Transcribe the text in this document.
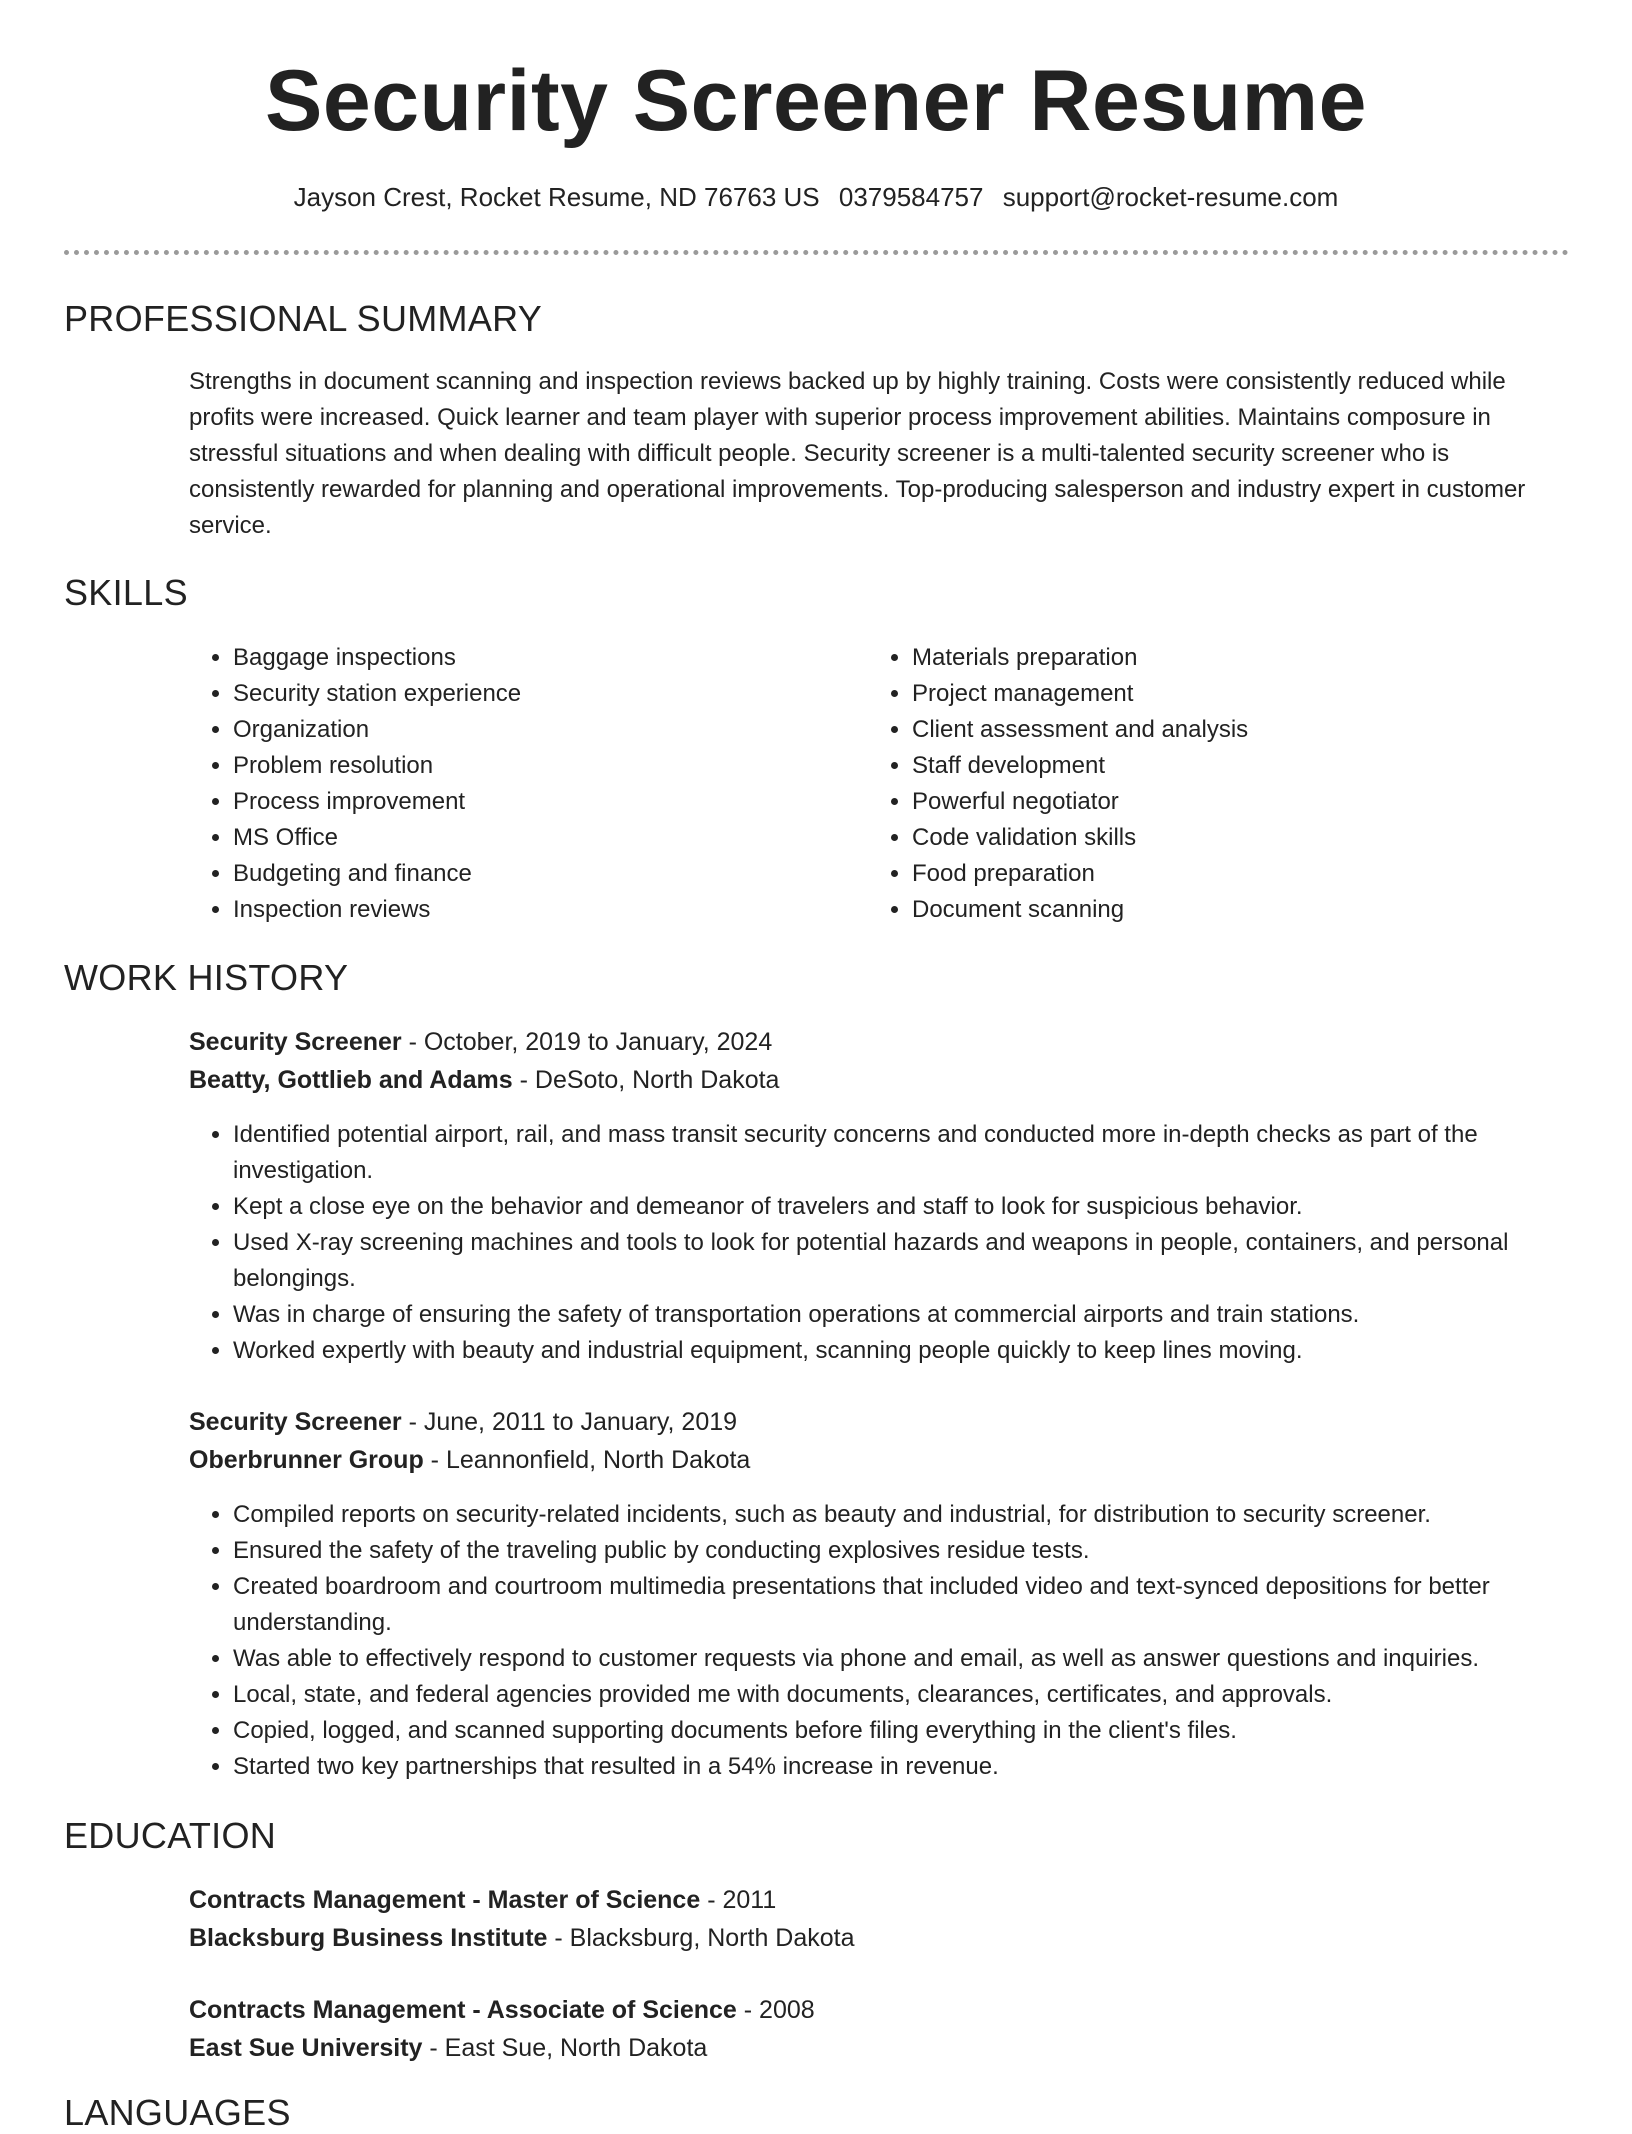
Security Screener Resume
Jayson Crest, Rocket Resume, ND 76763 US 0379584757 support@rocket-resume.com
PROFESSIONAL SUMMARY
Strengths in document scanning and inspection reviews backed up by highly training. Costs were consistently reduced while profits were increased. Quick learner and team player with superior process improvement abilities. Maintains composure in stressful situations and when dealing with difficult people. Security screener is a multi-talented security screener who is consistently rewarded for planning and operational improvements. Top-producing salesperson and industry expert in customer service.
SKILLS
• Baggage inspections
• Security station experience
• Organization
• Problem resolution
• Process improvement
• MS Office
• Budgeting and finance
• Inspection reviews
• Materials preparation
• Project management
• Client assessment and analysis
• Staff development
• Powerful negotiator
• Code validation skills
• Food preparation
• Document scanning
WORK HISTORY
Security Screener - October, 2019 to January, 2024
Beatty, Gottlieb and Adams - DeSoto, North Dakota
• Identified potential airport, rail, and mass transit security concerns and conducted more in-depth checks as part of the investigation.
• Kept a close eye on the behavior and demeanor of travelers and staff to look for suspicious behavior.
• Used X-ray screening machines and tools to look for potential hazards and weapons in people, containers, and personal belongings.
• Was in charge of ensuring the safety of transportation operations at commercial airports and train stations.
• Worked expertly with beauty and industrial equipment, scanning people quickly to keep lines moving.
Security Screener - June, 2011 to January, 2019
Oberbrunner Group - Leannonfield, North Dakota
• Compiled reports on security-related incidents, such as beauty and industrial, for distribution to security screener.
• Ensured the safety of the traveling public by conducting explosives residue tests.
• Created boardroom and courtroom multimedia presentations that included video and text-synced depositions for better understanding.
• Was able to effectively respond to customer requests via phone and email, as well as answer questions and inquiries.
• Local, state, and federal agencies provided me with documents, clearances, certificates, and approvals.
• Copied, logged, and scanned supporting documents before filing everything in the client's files.
• Started two key partnerships that resulted in a 54% increase in revenue.
EDUCATION
Contracts Management - Master of Science - 2011
Blacksburg Business Institute - Blacksburg, North Dakota
Contracts Management - Associate of Science - 2008
East Sue University - East Sue, North Dakota
LANGUAGES
